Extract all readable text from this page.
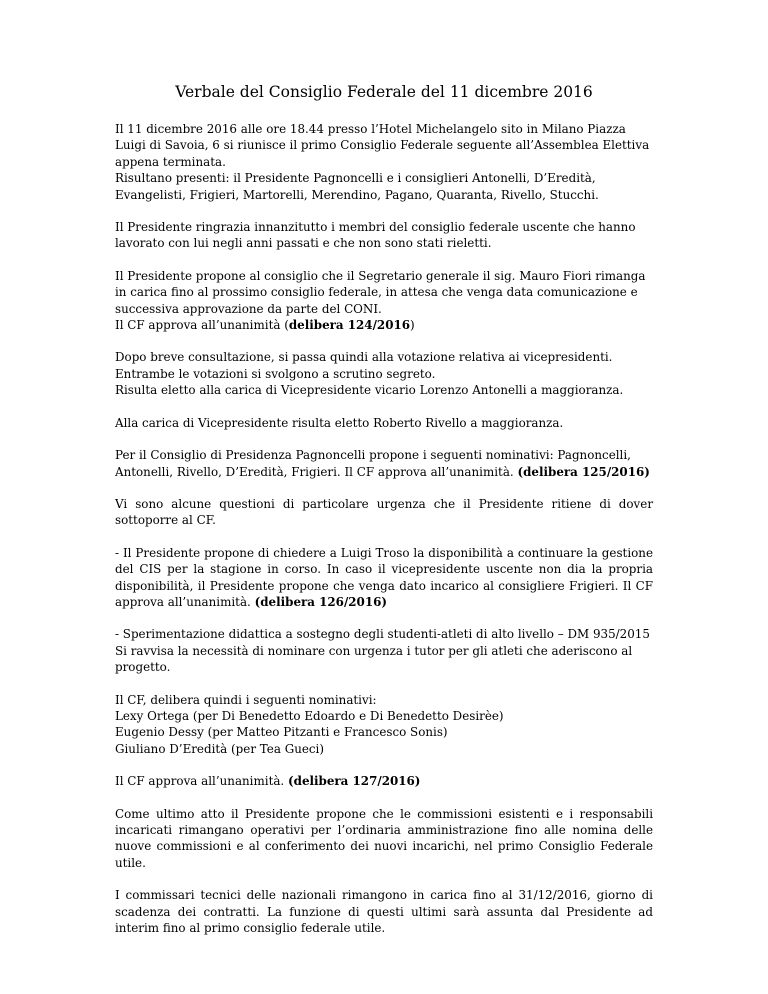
Verbale del Consiglio Federale del 11 dicembre 2016

Il 11 dicembre 2016 alle ore 18.44 presso l’Hotel Michelangelo sito in Milano Piazza Luigi di Savoia, 6 si riunisce il primo Consiglio Federale seguente all’Assemblea Elettiva appena terminata.
Risultano presenti: il Presidente Pagnoncelli e i consiglieri Antonelli, D’Eredità, Evangelisti, Frigieri, Martorelli, Merendino, Pagano, Quaranta, Rivello, Stucchi.

Il Presidente ringrazia innanzitutto i membri del consiglio federale uscente che hanno lavorato con lui negli anni passati e che non sono stati rieletti.

Il Presidente propone al consiglio che il Segretario generale il sig. Mauro Fiori rimanga in carica fino al prossimo consiglio federale, in attesa che venga data comunicazione e successiva approvazione da parte del CONI.
Il CF approva all’unanimità (delibera 124/2016)

Dopo breve consultazione, si passa quindi alla votazione relativa ai vicepresidenti.
Entrambe le votazioni si svolgono a scrutino segreto.
Risulta eletto alla carica di Vicepresidente vicario Lorenzo Antonelli a maggioranza.

Alla carica di Vicepresidente risulta eletto Roberto Rivello a maggioranza.

Per il Consiglio di Presidenza Pagnoncelli propone i seguenti nominativi: Pagnoncelli, Antonelli, Rivello, D’Eredità, Frigieri. Il CF approva all’unanimità. (delibera 125/2016)

Vi sono alcune questioni di particolare urgenza che il Presidente ritiene di dover sottoporre al CF.

- Il Presidente propone di chiedere a Luigi Troso la disponibilità a continuare la gestione del CIS per la stagione in corso. In caso il vicepresidente uscente non dia la propria disponibilità, il Presidente propone che venga dato incarico al consigliere Frigieri. Il CF approva all’unanimità. (delibera 126/2016)

- Sperimentazione didattica a sostegno degli studenti-atleti di alto livello – DM 935/2015
Si ravvisa la necessità di nominare con urgenza i tutor per gli atleti che aderiscono al progetto.

Il CF, delibera quindi i seguenti nominativi:
Lexy Ortega (per Di Benedetto Edoardo e Di Benedetto Desirèe)
Eugenio Dessy (per Matteo Pitzanti e Francesco Sonis)
Giuliano D’Eredità (per Tea Gueci)

Il CF approva all’unanimità. (delibera 127/2016)

Come ultimo atto il Presidente propone che le commissioni esistenti e i responsabili incaricati rimangano operativi per l’ordinaria amministrazione fino alle nomina delle nuove commissioni e al conferimento dei nuovi incarichi, nel primo Consiglio Federale utile.

I commissari tecnici delle nazionali rimangono in carica fino al 31/12/2016, giorno di scadenza dei contratti. La funzione di questi ultimi sarà assunta dal Presidente ad interim fino al primo consiglio federale utile.
